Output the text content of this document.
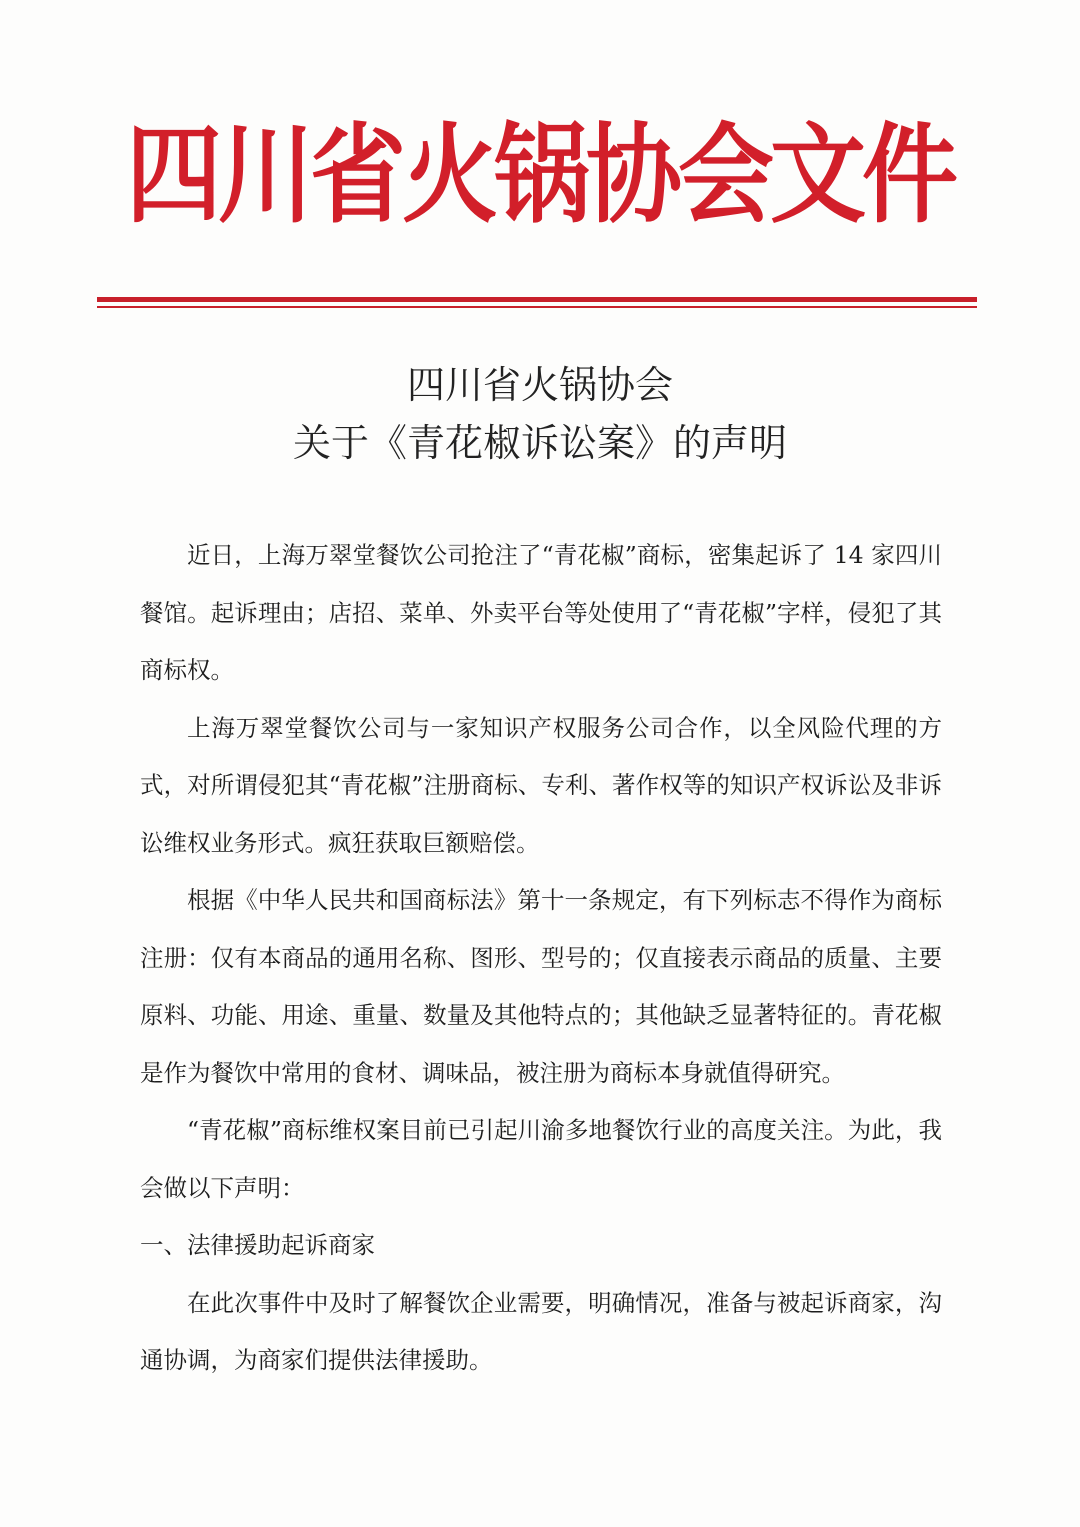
四川省火锅协会文件
四川省火锅协会
关于《青花椒诉讼案》的声明

近日，上海万翠堂餐饮公司抢注了“青花椒”商标，密集起诉了 14 家四川餐馆。起诉理由；店招、菜单、外卖平台等处使用了“青花椒”字样，侵犯了其商标权。

上海万翠堂餐饮公司与一家知识产权服务公司合作，以全风险代理的方式，对所谓侵犯其“青花椒”注册商标、专利、著作权等的知识产权诉讼及非诉讼维权业务形式。疯狂获取巨额赔偿。

根据《中华人民共和国商标法》第十一条规定，有下列标志不得作为商标注册：仅有本商品的通用名称、图形、型号的；仅直接表示商品的质量、主要原料、功能、用途、重量、数量及其他特点的；其他缺乏显著特征的。青花椒是作为餐饮中常用的食材、调味品，被注册为商标本身就值得研究。

“青花椒”商标维权案目前已引起川渝多地餐饮行业的高度关注。为此，我会做以下声明：

一、法律援助起诉商家

在此次事件中及时了解餐饮企业需要，明确情况，准备与被起诉商家，沟通协调，为商家们提供法律援助。
